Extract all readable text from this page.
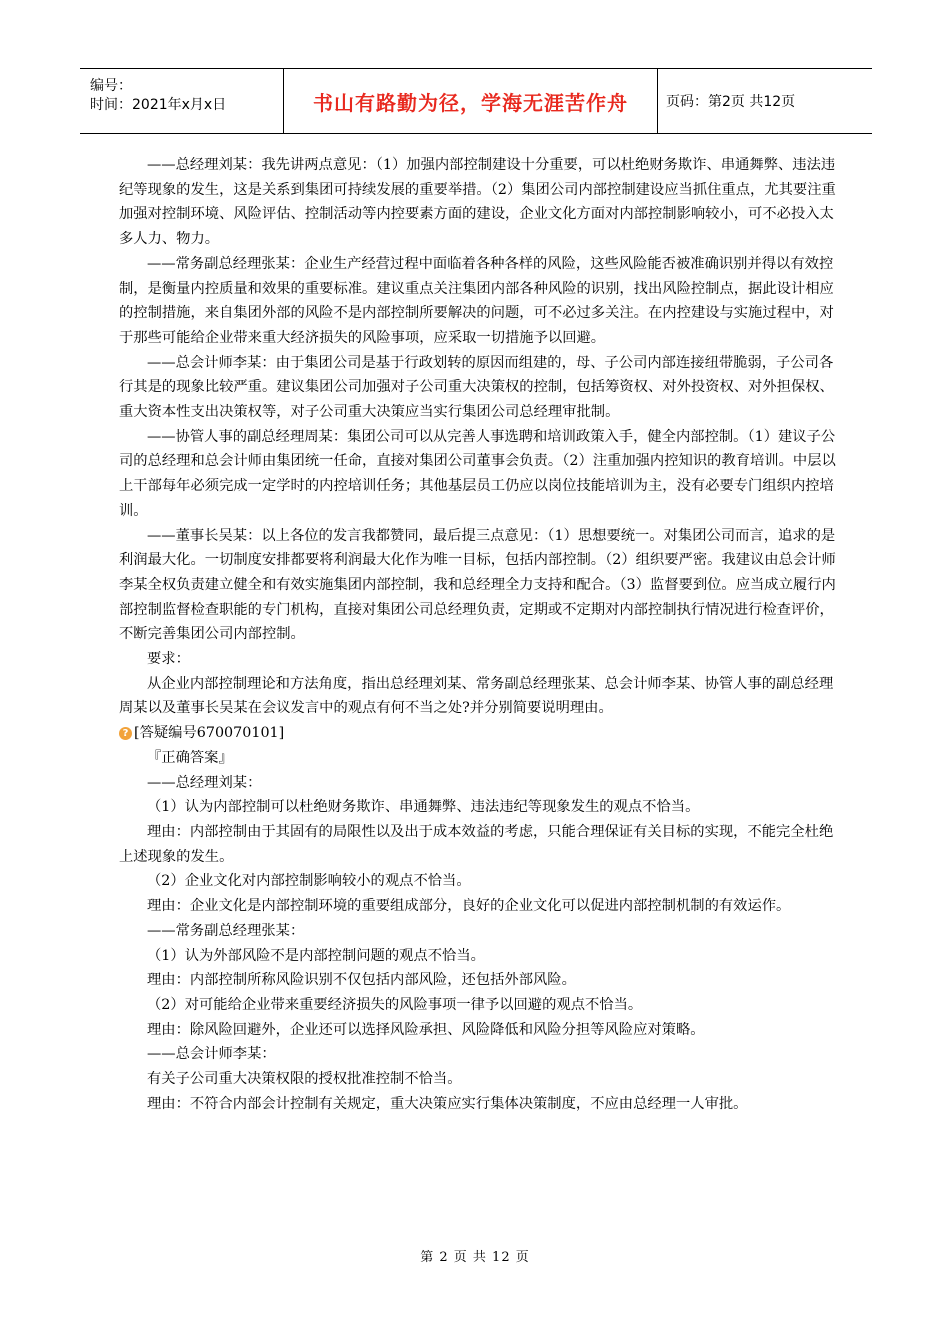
编号：
时间：2021年x月x日	书山有路勤为径，学海无涯苦作舟	页码：第2页 共12页

——总经理刘某：我先讲两点意见：（1）加强内部控制建设十分重要，可以杜绝财务欺诈、串通舞弊、违法违纪等现象的发生，这是关系到集团可持续发展的重要举措。（2）集团公司内部控制建设应当抓住重点，尤其要注重加强对控制环境、风险评估、控制活动等内控要素方面的建设，企业文化方面对内部控制影响较小，可不必投入太多人力、物力。

——常务副总经理张某：企业生产经营过程中面临着各种各样的风险，这些风险能否被准确识别并得以有效控制，是衡量内控质量和效果的重要标准。建议重点关注集团内部各种风险的识别，找出风险控制点，据此设计相应的控制措施，来自集团外部的风险不是内部控制所要解决的问题，可不必过多关注。在内控建设与实施过程中，对于那些可能给企业带来重大经济损失的风险事项，应采取一切措施予以回避。

——总会计师李某：由于集团公司是基于行政划转的原因而组建的，母、子公司内部连接纽带脆弱，子公司各行其是的现象比较严重。建议集团公司加强对子公司重大决策权的控制，包括筹资权、对外投资权、对外担保权、重大资本性支出决策权等，对子公司重大决策应当实行集团公司总经理审批制。

——协管人事的副总经理周某：集团公司可以从完善人事选聘和培训政策入手，健全内部控制。（1）建议子公司的总经理和总会计师由集团统一任命，直接对集团公司董事会负责。（2）注重加强内控知识的教育培训。中层以上干部每年必须完成一定学时的内控培训任务；其他基层员工仍应以岗位技能培训为主，没有必要专门组织内控培训。

——董事长吴某：以上各位的发言我都赞同，最后提三点意见：（1）思想要统一。对集团公司而言，追求的是利润最大化。一切制度安排都要将利润最大化作为唯一目标，包括内部控制。（2）组织要严密。我建议由总会计师李某全权负责建立健全和有效实施集团内部控制，我和总经理全力支持和配合。（3）监督要到位。应当成立履行内部控制监督检查职能的专门机构，直接对集团公司总经理负责，定期或不定期对内部控制执行情况进行检查评价，不断完善集团公司内部控制。

要求：

从企业内部控制理论和方法角度，指出总经理刘某、常务副总经理张某、总会计师李某、协管人事的副总经理周某以及董事长吴某在会议发言中的观点有何不当之处?并分别简要说明理由。

? [答疑编号670070101]

『正确答案』

——总经理刘某：

（1）认为内部控制可以杜绝财务欺诈、串通舞弊、违法违纪等现象发生的观点不恰当。

理由：内部控制由于其固有的局限性以及出于成本效益的考虑，只能合理保证有关目标的实现，不能完全杜绝上述现象的发生。

（2）企业文化对内部控制影响较小的观点不恰当。

理由：企业文化是内部控制环境的重要组成部分，良好的企业文化可以促进内部控制机制的有效运作。

——常务副总经理张某：

（1）认为外部风险不是内部控制问题的观点不恰当。

理由：内部控制所称风险识别不仅包括内部风险，还包括外部风险。

（2）对可能给企业带来重要经济损失的风险事项一律予以回避的观点不恰当。

理由：除风险回避外，企业还可以选择风险承担、风险降低和风险分担等风险应对策略。

——总会计师李某：

有关子公司重大决策权限的授权批准控制不恰当。

理由：不符合内部会计控制有关规定，重大决策应实行集体决策制度，不应由总经理一人审批。

第 2 页 共 12 页
